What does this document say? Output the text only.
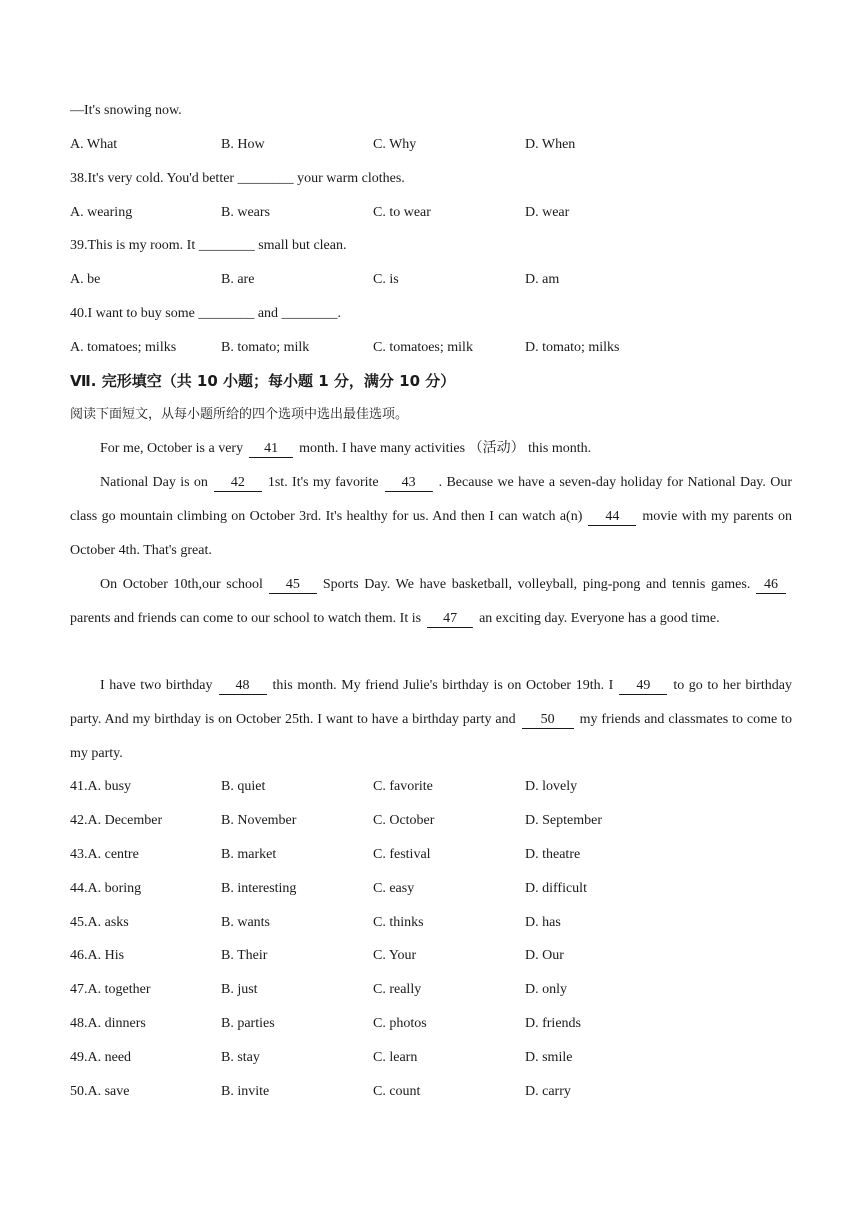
—It's snowing now.
A. What	B. How	C. Why	D. When
38.It's very cold. You'd better ________ your warm clothes.
A. wearing	B. wears	C. to wear	D. wear
39.This is my room. It ________ small but clean.
A. be	B. are	C. is	D. am
40.I want to buy some ________ and ________.
A. tomatoes; milks	B. tomato; milk	C. tomatoes; milk	D. tomato; milks
Ⅶ. 完形填空（共 10 小题；每小题 1 分，满分 10 分）
阅读下面短文，从每小题所给的四个选项中选出最佳选项。
For me, October is a very 41 month. I have many activities （活动） this month.
National Day is on 42 1st. It's my favorite 43 . Because we have a seven-day holiday for National Day. Our class go mountain climbing on October 3rd. It's healthy for us. And then I can watch a(n) 44 movie with my parents on October 4th. That's great.
On October 10th,our school 45 Sports Day. We have basketball, volleyball, ping-pong and tennis games. 46parents and friends can come to our school to watch them. It is 47 an exciting day. Everyone has a good time.
I have two birthday 48 this month. My friend Julie's birthday is on October 19th. I 49 to go to her birthday party. And my birthday is on October 25th. I want to have a birthday party and 50 my friends and classmates to come to my party.
41.A. busy	B. quiet	C. favorite	D. lovely
42.A. December	B. November	C. October	D. September
43.A. centre	B. market	C. festival	D. theatre
44.A. boring	B. interesting	C. easy	D. difficult
45.A. asks	B. wants	C. thinks	D. has
46.A. His	B. Their	C. Your	D. Our
47.A. together	B. just	C. really	D. only
48.A. dinners	B. parties	C. photos	D. friends
49.A. need	B. stay	C. learn	D. smile
50.A. save	B. invite	C. count	D. carry
